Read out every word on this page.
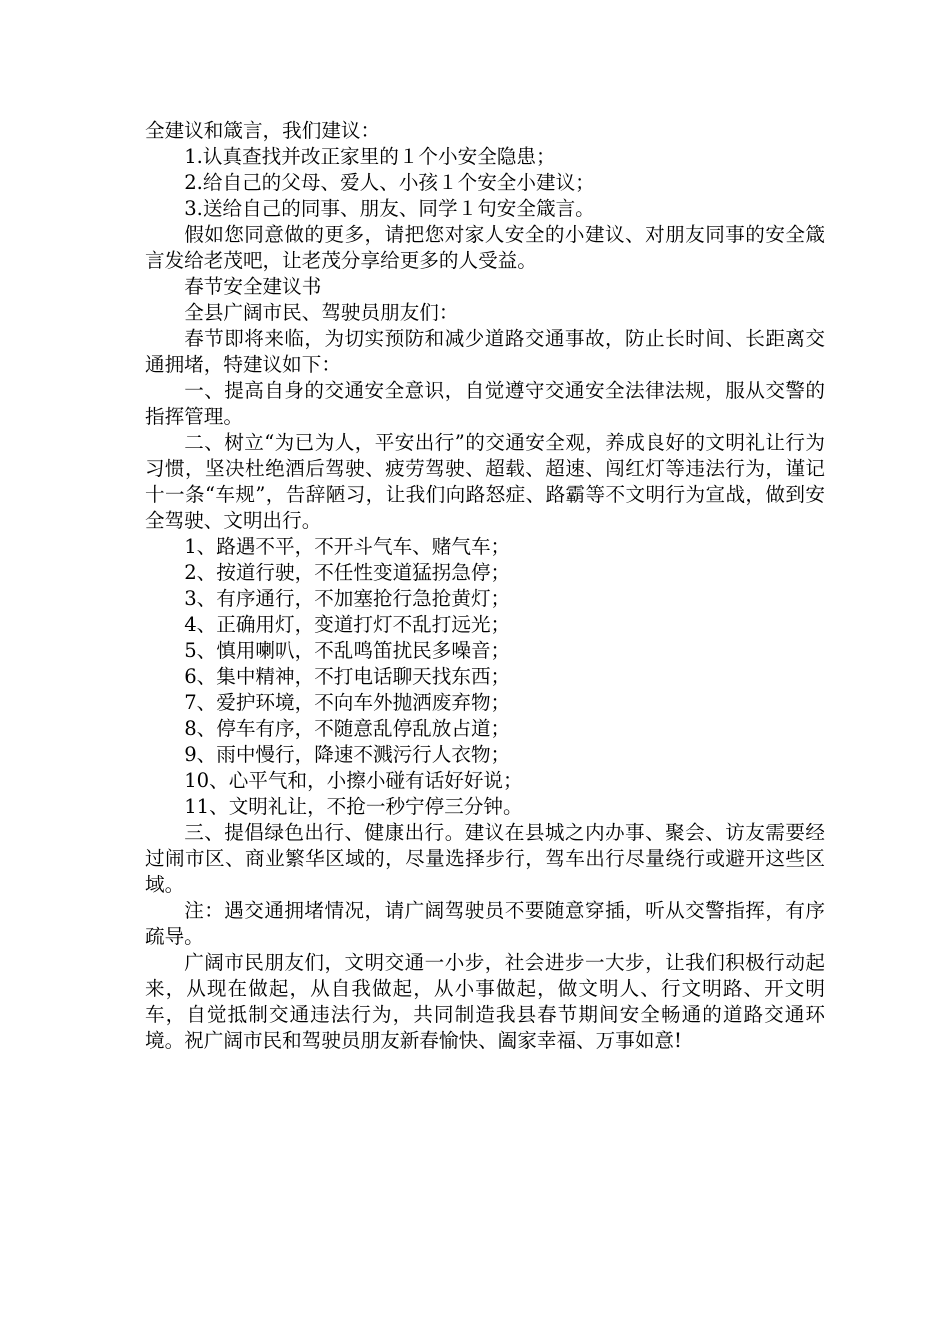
全建议和箴言，我们建议：

1.认真查找并改正家里的１个小安全隐患；

2.给自己的父母、爱人、小孩１个安全小建议；

3.送给自己的同事、朋友、同学１句安全箴言。

假如您同意做的更多，请把您对家人安全的小建议、对朋友同事的安全箴言发给老茂吧，让老茂分享给更多的人受益。

春节安全建议书

全县广阔市民、驾驶员朋友们：

春节即将来临，为切实预防和减少道路交通事故，防止长时间、长距离交通拥堵，特建议如下：

一、提高自身的交通安全意识，自觉遵守交通安全法律法规，服从交警的指挥管理。

二、树立“为已为人，平安出行”的交通安全观，养成良好的文明礼让行为习惯，坚决杜绝酒后驾驶、疲劳驾驶、超载、超速、闯红灯等违法行为，谨记十一条“车规”，告辞陋习，让我们向路怒症、路霸等不文明行为宣战，做到安全驾驶、文明出行。

1、路遇不平，不开斗气车、赌气车；

2、按道行驶，不任性变道猛拐急停；

3、有序通行，不加塞抢行急抢黄灯；

4、正确用灯，变道打灯不乱打远光；

5、慎用喇叭，不乱鸣笛扰民多噪音；

6、集中精神，不打电话聊天找东西；

7、爱护环境，不向车外抛洒废弃物；

8、停车有序，不随意乱停乱放占道；

9、雨中慢行，降速不溅污行人衣物；

10、心平气和，小擦小碰有话好好说；

11、文明礼让，不抢一秒宁停三分钟。

三、提倡绿色出行、健康出行。建议在县城之内办事、聚会、访友需要经过闹市区、商业繁华区域的，尽量选择步行，驾车出行尽量绕行或避开这些区域。

注：遇交通拥堵情况，请广阔驾驶员不要随意穿插，听从交警指挥，有序疏导。

广阔市民朋友们，文明交通一小步，社会进步一大步，让我们积极行动起来，从现在做起，从自我做起，从小事做起，做文明人、行文明路、开文明车，自觉抵制交通违法行为，共同制造我县春节期间安全畅通的道路交通环境。祝广阔市民和驾驶员朋友新春愉快、阖家幸福、万事如意!
